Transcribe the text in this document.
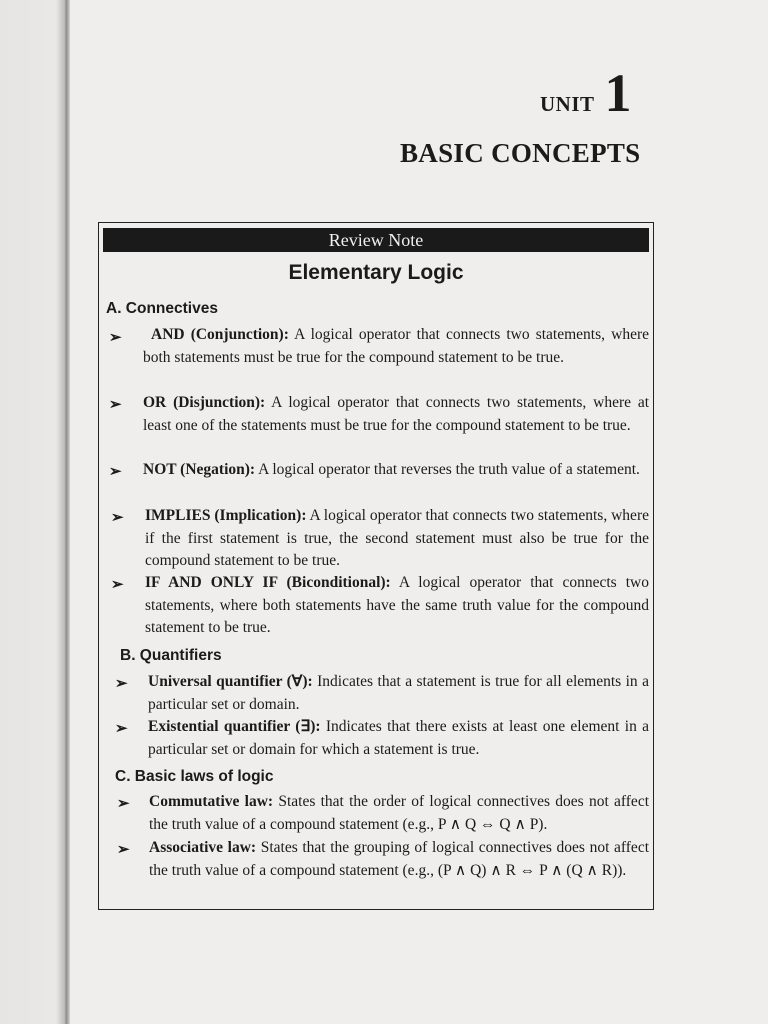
UNIT 1
BASIC CONCEPTS
Review Note
Elementary Logic
A. Connectives
➢	AND (Conjunction): A logical operator that connects two statements, where both statements must be true for the compound statement to be true.
➢ OR (Disjunction): A logical operator that connects two statements, where at least one of the statements must be true for the compound statement to be true.
➢ NOT (Negation): A logical operator that reverses the truth value of a statement.
➢ IMPLIES (Implication): A logical operator that connects two statements, where if the first statement is true, the second statement must also be true for the compound statement to be true.
➢ IF AND ONLY IF (Biconditional): A logical operator that connects two statements, where both statements have the same truth value for the compound statement to be true.
B. Quantifiers
➢ Universal quantifier (∀): Indicates that a statement is true for all elements in a particular set or domain.
➢ Existential quantifier (∃): Indicates that there exists at least one element in a particular set or domain for which a statement is true.
C. Basic laws of logic
➢ Commutative law: States that the order of logical connectives does not affect the truth value of a compound statement (e.g., P ∧ Q ⇔ Q ∧ P).
➢ Associative law: States that the grouping of logical connectives does not affect the truth value of a compound statement (e.g., (P ∧ Q) ∧ R ⇔ P ∧ (Q ∧ R)).
